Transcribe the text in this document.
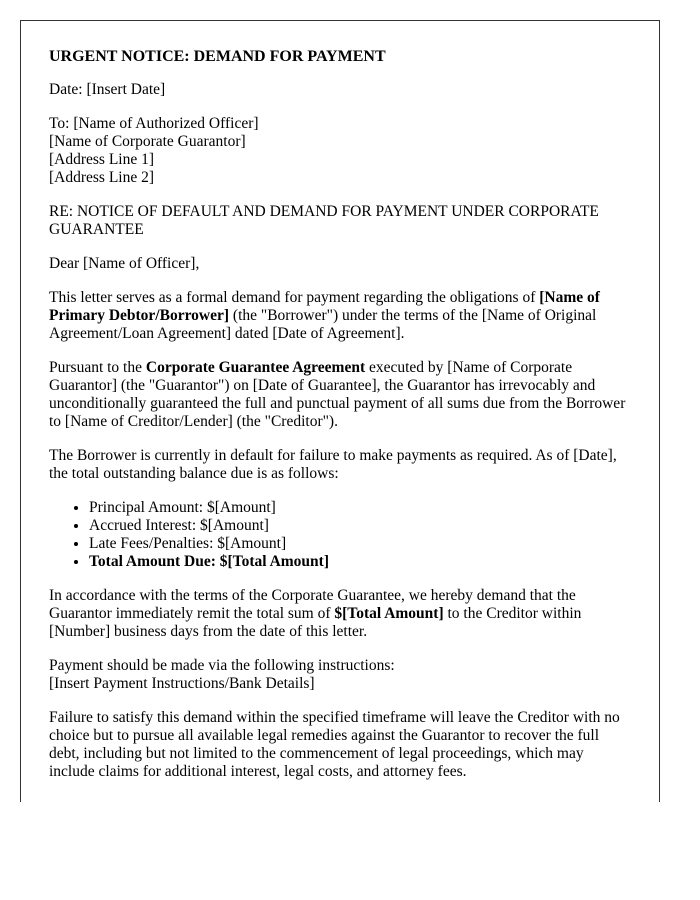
URGENT NOTICE: DEMAND FOR PAYMENT

Date: [Insert Date]

To: [Name of Authorized Officer]
[Name of Corporate Guarantor]
[Address Line 1]
[Address Line 2]

RE: NOTICE OF DEFAULT AND DEMAND FOR PAYMENT UNDER CORPORATE GUARANTEE

Dear [Name of Officer],

This letter serves as a formal demand for payment regarding the obligations of [Name of Primary Debtor/Borrower] (the "Borrower") under the terms of the [Name of Original Agreement/Loan Agreement] dated [Date of Agreement].

Pursuant to the Corporate Guarantee Agreement executed by [Name of Corporate Guarantor] (the "Guarantor") on [Date of Guarantee], the Guarantor has irrevocably and unconditionally guaranteed the full and punctual payment of all sums due from the Borrower to [Name of Creditor/Lender] (the "Creditor").

The Borrower is currently in default for failure to make payments as required. As of [Date], the total outstanding balance due is as follows:

• Principal Amount: $[Amount]
• Accrued Interest: $[Amount]
• Late Fees/Penalties: $[Amount]
• Total Amount Due: $[Total Amount]

In accordance with the terms of the Corporate Guarantee, we hereby demand that the Guarantor immediately remit the total sum of $[Total Amount] to the Creditor within [Number] business days from the date of this letter.

Payment should be made via the following instructions:
[Insert Payment Instructions/Bank Details]

Failure to satisfy this demand within the specified timeframe will leave the Creditor with no choice but to pursue all available legal remedies against the Guarantor to recover the full debt, including but not limited to the commencement of legal proceedings, which may include claims for additional interest, legal costs, and attorney fees.
